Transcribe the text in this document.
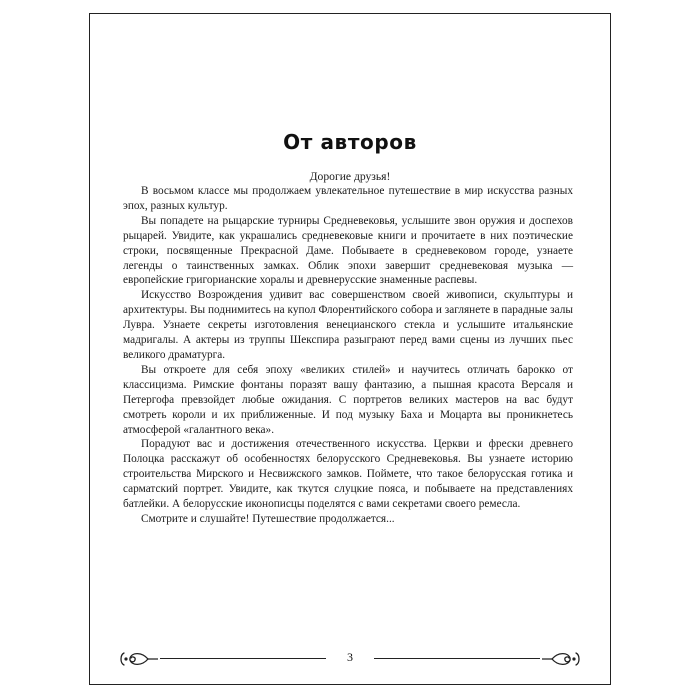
От авторов
Дорогие друзья!

В восьмом классе мы продолжаем увлекательное путешествие в мир искусства разных эпох, разных культур.

Вы попадете на рыцарские турниры Средневековья, услышите звон оружия и доспехов рыцарей. Увидите, как украшались средневековые книги и прочитаете в них поэтические строки, посвященные Прекрасной Даме. Побываете в средневековом городе, узнаете легенды о таинственных замках. Облик эпохи завершит средневековая музыка — европейские григорианские хоралы и древнерусские знаменные распевы.

Искусство Возрождения удивит вас совершенством своей живописи, скульптуры и архитектуры. Вы поднимитесь на купол Флорентийского собора и заглянете в парадные залы Лувра. Узнаете секреты изготовления венецианского стекла и услышите итальянские мадригалы. А актеры из труппы Шекспира разыграют перед вами сцены из лучших пьес великого драматурга.

Вы откроете для себя эпоху «великих стилей» и научитесь отличать барокко от классицизма. Римские фонтаны поразят вашу фантазию, а пышная красота Версаля и Петергофа превзойдет любые ожидания. С портретов великих мастеров на вас будут смотреть короли и их приближенные. И под музыку Баха и Моцарта вы проникнетесь атмосферой «галантного века».

Порадуют вас и достижения отечественного искусства. Церкви и фрески древнего Полоцка расскажут об особенностях белорусского Средневековья. Вы узнаете историю строительства Мирского и Несвижского замков. Поймете, что такое белорусская готика и сарматский портрет. Увидите, как ткутся слуцкие пояса, и побываете на представлениях батлейки. А белорусские иконописцы поделятся с вами секретами своего ремесла.

Смотрите и слушайте! Путешествие продолжается...

3
